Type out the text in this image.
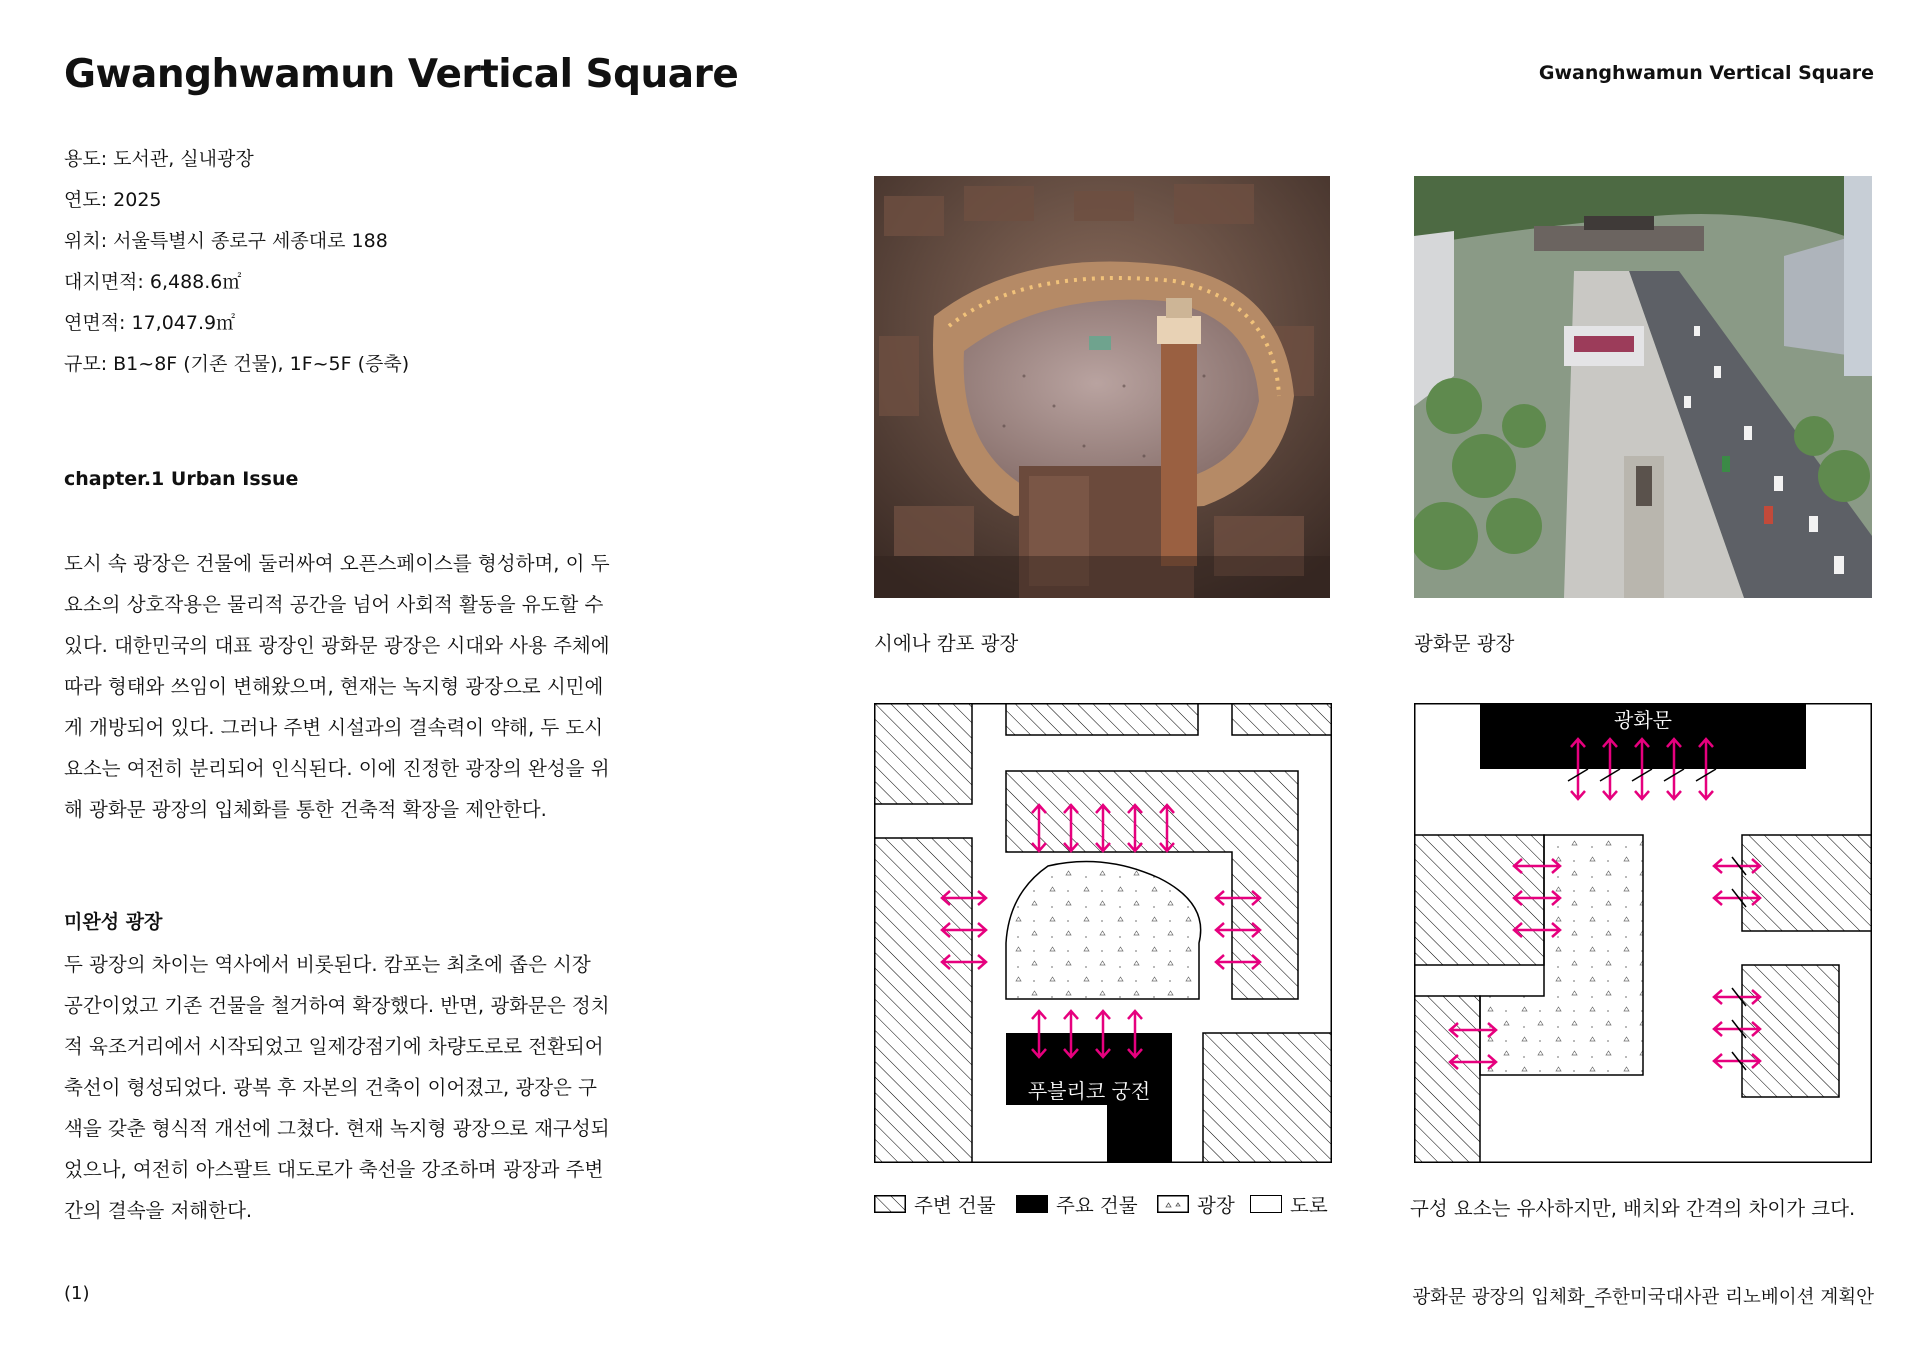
Gwanghwamun Vertical Square	Gwanghwamun Vertical Square
용도: 도서관, 실내광장
연도: 2025
위치: 서울특별시 종로구 세종대로 188
대지면적: 6,488.6㎡
연면적: 17,047.9㎡
규모: B1~8F (기존 건물), 1F~5F (증축)
chapter.1 Urban Issue
도시 속 광장은 건물에 둘러싸여 오픈스페이스를 형성하며, 이 두
요소의 상호작용은 물리적 공간을 넘어 사회적 활동을 유도할 수
있다. 대한민국의 대표 광장인 광화문 광장은 시대와 사용 주체에
따라 형태와 쓰임이 변해왔으며, 현재는 녹지형 광장으로 시민에
게 개방되어 있다. 그러나 주변 시설과의 결속력이 약해, 두 도시
요소는 여전히 분리되어 인식된다. 이에 진정한 광장의 완성을 위
해 광화문 광장의 입체화를 통한 건축적 확장을 제안한다.
미완성 광장
두 광장의 차이는 역사에서 비롯된다. 캄포는 최초에 좁은 시장
공간이었고 기존 건물을 철거하여 확장했다. 반면, 광화문은 정치
적 육조거리에서 시작되었고 일제강점기에 차량도로로 전환되어
축선이 형성되었다. 광복 후 자본의 건축이 이어졌고, 광장은 구
색을 갖춘 형식적 개선에 그쳤다. 현재 녹지형 광장으로 재구성되
었으나, 여전히 아스팔트 대도로가 축선을 강조하며 광장과 주변
간의 결속을 저해한다.
시에나 캄포 광장	광화문 광장
푸블리코 궁전
광화문
주변 건물	주요 건물	광장	도로	구성 요소는 유사하지만, 배치와 간격의 차이가 크다.
(1)	광화문 광장의 입체화_주한미국대사관 리노베이션 계획안
